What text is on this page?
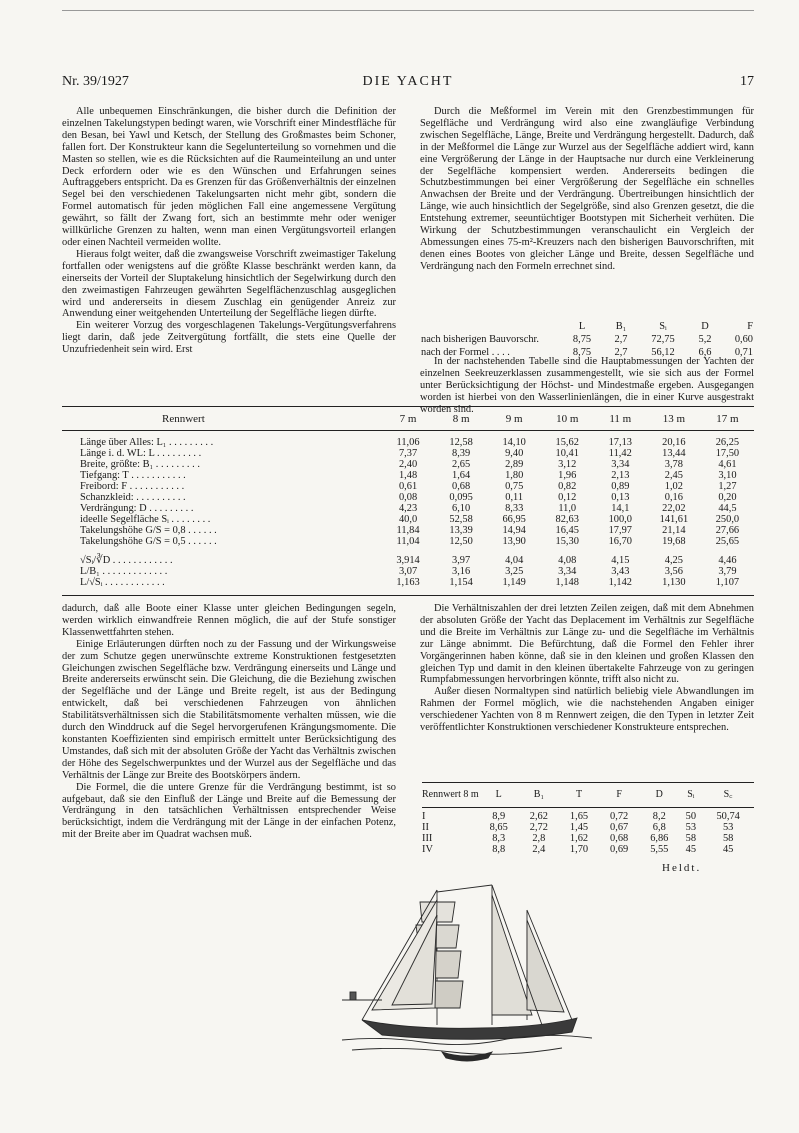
Nr. 39/1927	DIE YACHT	17

Alle unbequemen Einschränkungen, die bisher durch die Definition der einzelnen Takelungstypen bedingt waren, wie Vorschrift einer Mindestfläche für den Besan, bei Yawl und Ketsch, der Stellung des Großmastes beim Schoner, fallen fort. Der Konstrukteur kann die Segelunterteilung so vornehmen und die Masten so stellen, wie es die Rücksichten auf die Raumeinteilung an und unter Deck erfordern oder wie es den Wünschen und Erfahrungen seines Auftraggebers entspricht. Da es Grenzen für das Größenverhältnis der einzelnen Segel bei den verschiedenen Takelungsarten nicht mehr gibt, sondern die Formel automatisch für jeden möglichen Fall eine angemessene Vergütung gewährt, so fällt der Zwang fort, sich an bestimmte mehr oder weniger willkürliche Grenzen zu halten, wenn man einen Vergütungsvorteil erlangen oder einen Nachteil vermeiden wollte.

Hieraus folgt weiter, daß die zwangsweise Vorschrift zweimastiger Takelung fortfallen oder wenigstens auf die größte Klasse beschränkt werden kann, da einerseits der Vorteil der Sluptakelung hinsichtlich der Segelwirkung durch den den zweimastigen Fahrzeugen gewährten Segelflächenzuschlag ausgeglichen wird und andererseits in diesem Zuschlag ein genügender Anreiz zur Anwendung einer weitgehenden Unterteilung der Segelfläche liegen dürfte.

Ein weiterer Vorzug des vorgeschlagenen Takelungs-Vergütungsverfahrens liegt darin, daß jede Zeitvergütung fortfällt, die stets eine Quelle der Unzufriedenheit sein wird. Erst

Durch die Meßformel im Verein mit den Grenzbestimmungen für Segelfläche und Verdrängung wird also eine zwangläufige Verbindung zwischen Segelfläche, Länge, Breite und Verdrängung hergestellt. Dadurch, daß in der Meßformel die Länge zur Wurzel aus der Segelfläche addiert wird, kann eine Vergrößerung der Länge in der Hauptsache nur durch eine Verkleinerung der Segelfläche kompensiert werden. Andererseits bedingen die Schutzbestimmungen bei einer Vergrößerung der Segelfläche ein schnelles Anwachsen der Breite und der Verdrängung. Übertreibungen hinsichtlich der Länge, wie auch hinsichtlich der Segelgröße, sind also Grenzen gesetzt, die die Entstehung extremer, seeuntüchtiger Bootstypen mit Sicherheit verhüten. Die Wirkung der Schutzbestimmungen veranschaulicht ein Vergleich der Abmessungen eines 75-m²-Kreuzers nach den bisherigen Bauvorschriften, mit denen eines Bootes von gleicher Länge und Breite, dessen Segelfläche und Verdrängung nach den Formeln errechnet sind.

	L	B₁	Sᵢ	D	F
nach bisherigen Bauvorschr.	8,75	2,7	72,75	5,2	0,60
nach der Formel . . . .	8,75	2,7	56,12	6,6	0,71

In der nachstehenden Tabelle sind die Hauptabmessungen der Yachten der einzelnen Seekreuzerklassen zusammengestellt, wie sie sich aus der Formel unter Berücksichtigung der Höchst- und Mindestmaße ergeben. Ausgegangen worden ist hierbei von den Wasserlinienlängen, die in einer Kurve ausgestrakt worden sind.

Rennwert	7 m	8 m	9 m	10 m	11 m	13 m	17 m

Länge über Alles: L₁ . . . . . . . . .	11,06	12,58	14,10	15,62	17,13	20,16	26,25
Länge i. d. WL: L . . . . . . . . .	7,37	8,39	9,40	10,41	11,42	13,44	17,50
Breite, größte: B₁ . . . . . . . . .	2,40	2,65	2,89	3,12	3,34	3,78	4,61
Tiefgang: T . . . . . . . . . . .	1,48	1,64	1,80	1,96	2,13	2,45	3,10
Freibord: F . . . . . . . . . . .	0,61	0,68	0,75	0,82	0,89	1,02	1,27
Schanzkleid: . . . . . . . . . .	0,08	0,095	0,11	0,12	0,13	0,16	0,20
Verdrängung: D . . . . . . . . .	4,23	6,10	8,33	11,0	14,1	22,02	44,5
ideelle Segelfläche Sᵢ . . . . . . . .	40,0	52,58	66,95	82,63	100,0	141,61	250,0
Takelungshöhe G/S = 0,8 . . . . . .	11,84	13,39	14,94	16,45	17,97	21,14	27,66
Takelungshöhe G/S = 0,5 . . . . . .	11,04	12,50	13,90	15,30	16,70	19,68	25,65

√Sᵢ/∛D . . . . . . . . . . . .	3,914	3,97	4,04	4,08	4,15	4,25	4,46
L/B₁ . . . . . . . . . . . . .	3,07	3,16	3,25	3,34	3,43	3,56	3,79
L/√Sᵢ . . . . . . . . . . . .	1,163	1,154	1,149	1,148	1,142	1,130	1,107

dadurch, daß alle Boote einer Klasse unter gleichen Bedingungen segeln, werden wirklich einwandfreie Rennen möglich, die auf der Stufe sonstiger Klassenwettfahrten stehen.

Einige Erläuterungen dürften noch zu der Fassung und der Wirkungsweise der zum Schutze gegen unerwünschte extreme Konstruktionen festgesetzten Gleichungen zwischen Segelfläche bzw. Verdrängung einerseits und Länge und Breite andererseits erwünscht sein. Die Gleichung, die die Beziehung zwischen der Segelfläche und der Länge und Breite regelt, ist aus der Bedingung entwickelt, daß bei verschiedenen Fahrzeugen von ähnlichen Stabilitätsverhältnissen sich die Stabilitätsmomente verhalten müssen, wie die durch den Winddruck auf die Segel hervorgerufenen Krängungsmomente. Die konstanten Koeffizienten sind empirisch ermittelt unter Berücksichtigung des Umstandes, daß sich mit der absoluten Größe der Yacht das Verhältnis zwischen der Höhe des Segelschwerpunktes und der Wurzel aus der Segelfläche und das Verhältnis der Länge zur Breite des Bootskörpers ändern.

Die Formel, die die untere Grenze für die Verdrängung bestimmt, ist so aufgebaut, daß sie den Einfluß der Länge und Breite auf die Bemessung der Verdrängung in den tatsächlichen Verhältnissen entsprechender Weise berücksichtigt, indem die Verdrängung mit der Länge in der einfachen Potenz, mit der Breite aber im Quadrat wachsen muß.

Die Verhältniszahlen der drei letzten Zeilen zeigen, daß mit dem Abnehmen der absoluten Größe der Yacht das Deplacement im Verhältnis zur Segelfläche und die Breite im Verhältnis zur Länge zu- und die Segelfläche im Verhältnis zur Länge abnimmt. Die Befürchtung, daß die Formel den Fehler ihrer Vorgängerinnen haben könne, daß sie in den kleinen und großen Klassen den gleichen Typ und damit in den kleinen übertakelte Fahrzeuge von zu geringen Rumpfabmessungen hervorbringen könnte, trifft also nicht zu.

Außer diesen Normaltypen sind natürlich beliebig viele Abwandlungen im Rahmen der Formel möglich, wie die nachstehenden Angaben einiger verschiedener Yachten von 8 m Rennwert zeigen, die den Typen in letzter Zeit veröffentlichter Konstruktionen verschiedener Konstrukteure entsprechen.

Rennwert 8 m	L	B₁	T	F	D	Sᵢ	S꜀

I	8,9	2,62	1,65	0,72	8,2	50	50,74
II	8,65	2,72	1,45	0,67	6,8	53	53
III	8,3	2,8	1,62	0,68	6,86	58	58
IV	8,8	2,4	1,70	0,69	5,55	45	45
Heldt.
